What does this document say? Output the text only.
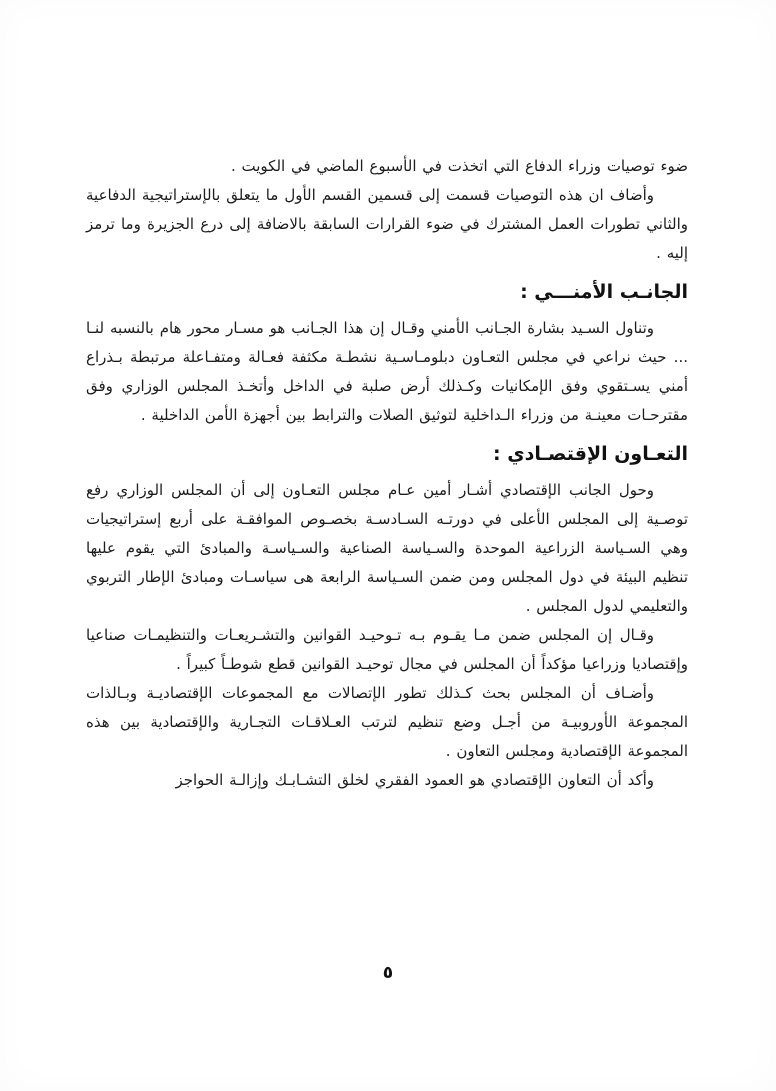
ضوء توصيات وزراء الدفاع التي اتخذت في الأسبوع الماضي في الكويت .

وأضاف ان هذه التوصيات قسمت إلى قسمين القسم الأول ما يتعلق بالإستراتيجية الدفاعية والثاني تطورات العمل المشترك في ضوء القرارات السابقة بالاضافة إلى درع الجزيرة وما ترمز إليه .

الجانـب الأمنـــي :

وتناول السـيد بشارة الجـانب الأمني وقـال إن هذا الجـانب هو مسـار محور هام بالنسبه لنـا ... حيث نراعي في مجلس التعـاون دبلومـاسـية نشطـة مكثفة فعـالة ومتفـاعلة مرتبطة بـذراع أمني يسـتقوي وفق الإمكانيات وكـذلك أرض صلبة في الداخل وأتخـذ المجلس الوزاري وفق مقترحـات معينـة من وزراء الـداخلية لتوثيق الصلات والترابط بين أجهزة الأمن الداخلية .

التعـاون الإقتصـادي :

وحول الجانب الإقتصادي أشـار أمين عـام مجلس التعـاون إلى أن المجلس الوزاري رفع توصـية إلى المجلس الأعلى في دورتـه السـادسـة بخصـوص الموافقـة على أربع إستراتيجيات وهي السـياسة الزراعية الموحدة والسـياسة الصناعية والسـياسـة والمبادئ التي يقوم عليها تنظيم البيئة في دول المجلس ومن ضمن السـياسة الرابعة هى سياسـات ومبادئ الإطار التربوي والتعليمي لدول المجلس .

وقـال إن المجلس ضمن مـا يقـوم بـه تـوحيـد القوانين والتشـريعـات والتنظيمـات صناعيا وإقتصاديا وزراعيا مؤكداً أن المجلس في مجال توحيـد القوانين قطع شوطـاً كبيراً .

وأضـاف أن المجلس بحث كـذلك تطور الإتصالات مع المجموعات الإقتصاديـة وبـالذات المجموعة الأوروبيـة من أجـل وضع تنظيم لترتب العـلاقـات التجـارية والإقتصادية بين هذه المجموعة الإقتصادية ومجلس التعاون .

وأكد أن التعاون الإقتصادي هو العمود الفقري لخلق التشـابـك وإزالـة الحواجز

٥
